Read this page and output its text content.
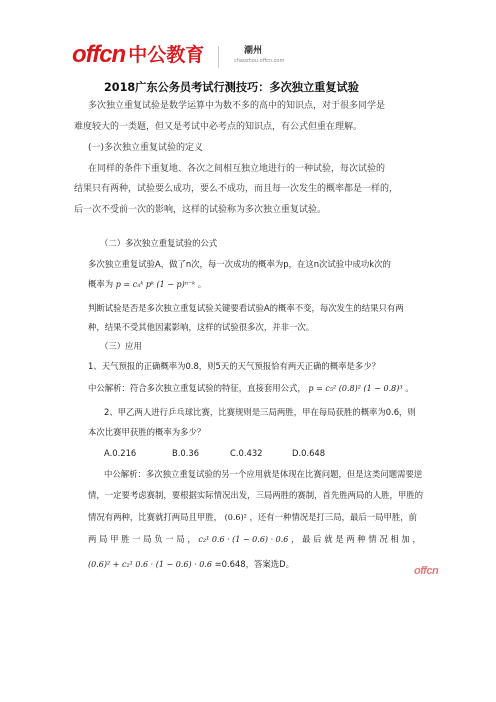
offcn 中公教育	潮州
chaozhou.offcn.com
2018广东公务员考试行测技巧：多次独立重复试验
多次独立重复试验是数学运算中为数不多的高中的知识点，对于很多同学是
难度较大的一类题，但又是考试中必考点的知识点，有公式但重在理解。
(一)多次独立重复试验的定义
在同样的条件下重复地、各次之间相互独立地进行的一种试验，每次试验的
结果只有两种，试验要么成功，要么不成功，而且每一次发生的概率都是一样的，
后一次不受前一次的影响，这样的试验称为多次独立重复试验。
（二）多次独立重复试验的公式
多次独立重复试验A，做了n次，每一次成功的概率为p，在这n次试验中成功k次的
概率为 p = cₙᵏ pᵏ (1 − p)ⁿ⁻ᵏ 。
判断试验是否是多次独立重复试验关键要看试验A的概率不变，每次发生的结果只有两
种，结果不受其他因素影响，这样的试验很多次，并非一次。
（三）应用
1、天气预报的正确概率为0.8，则5天的天气预报恰有两天正确的概率是多少？
中公解析：符合多次独立重复试验的特征，直接套用公式， p = c₅² (0.8)² (1 − 0.8)³ 。
2、甲乙两人进行乒乓球比赛，比赛规则是三局两胜，甲在每局获胜的概率为0.6，则
本次比赛甲获胜的概率为多少？
A.0.216	B.0.36	C.0.432	D.0.648
中公解析：多次独立重复试验的另一个应用就是体现在比赛问题，但是这类问题需要逆
情，一定要考虑赛制，要根据实际情况出发，三局两胜的赛制，首先胜两局的人胜，甲胜的
情况有两种，比赛就打两局且甲胜， (0.6)² ，还有一种情况是打三局，最后一局甲胜，前
两 局 甲 胜 一 局 负 一 局 ， c₂¹ 0.6 · (1 − 0.6) · 0.6 ， 最 后 就 是 两 种 情 况 相 加 ，
(0.6)² + c₂¹ 0.6 · (1 − 0.6) · 0.6 =0.648，答案选D。
offcn
